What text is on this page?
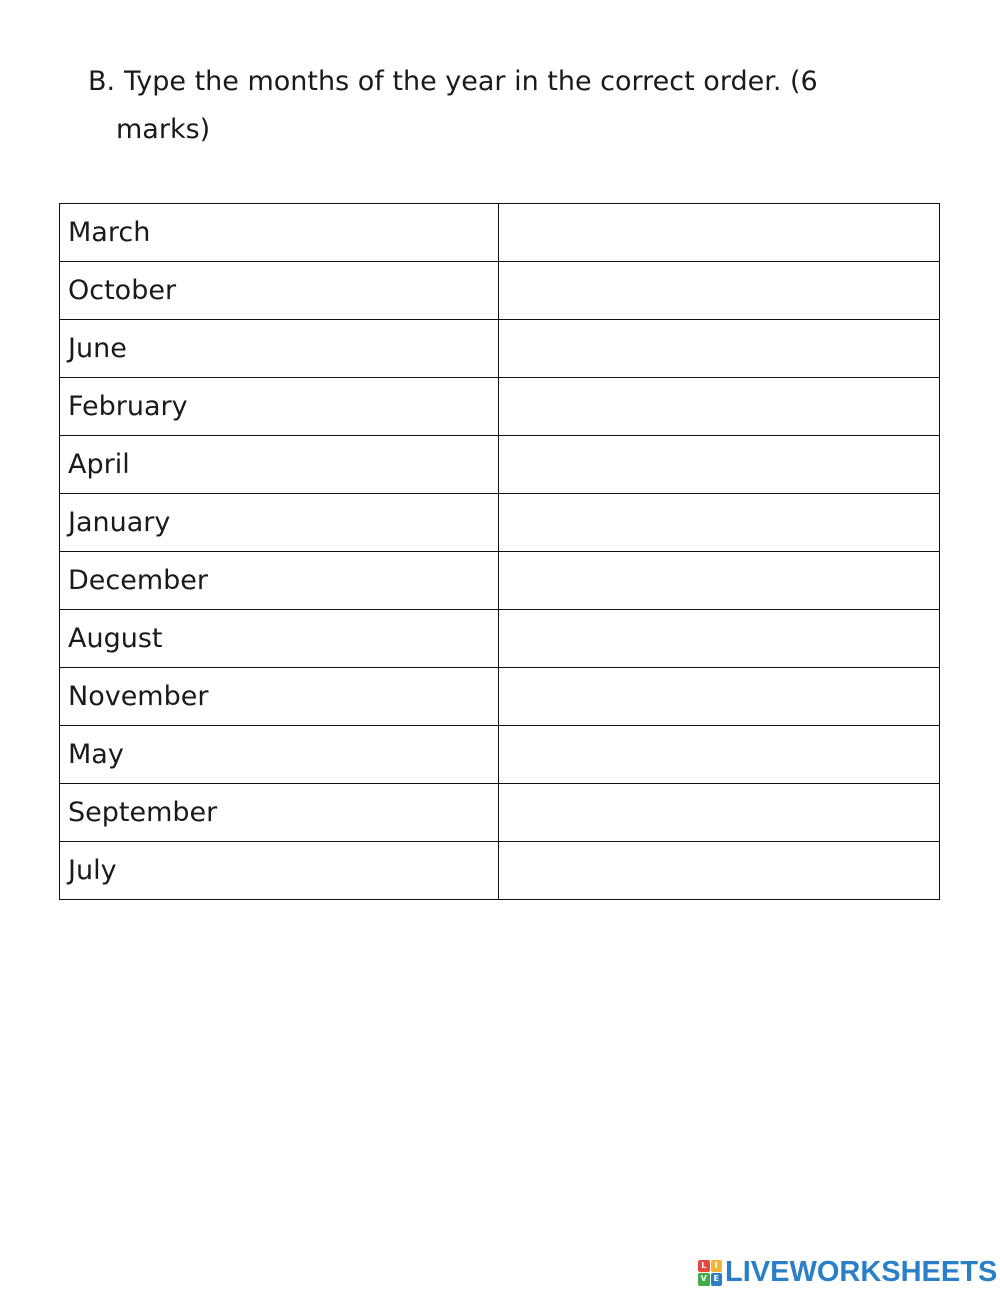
B. Type the months of the year in the correct order. (6
marks)
March	
October	
June	
February	
April	
January	
December	
August	
November	
May	
September	
July	
L	I
V E LIVEWORKSHEETS
